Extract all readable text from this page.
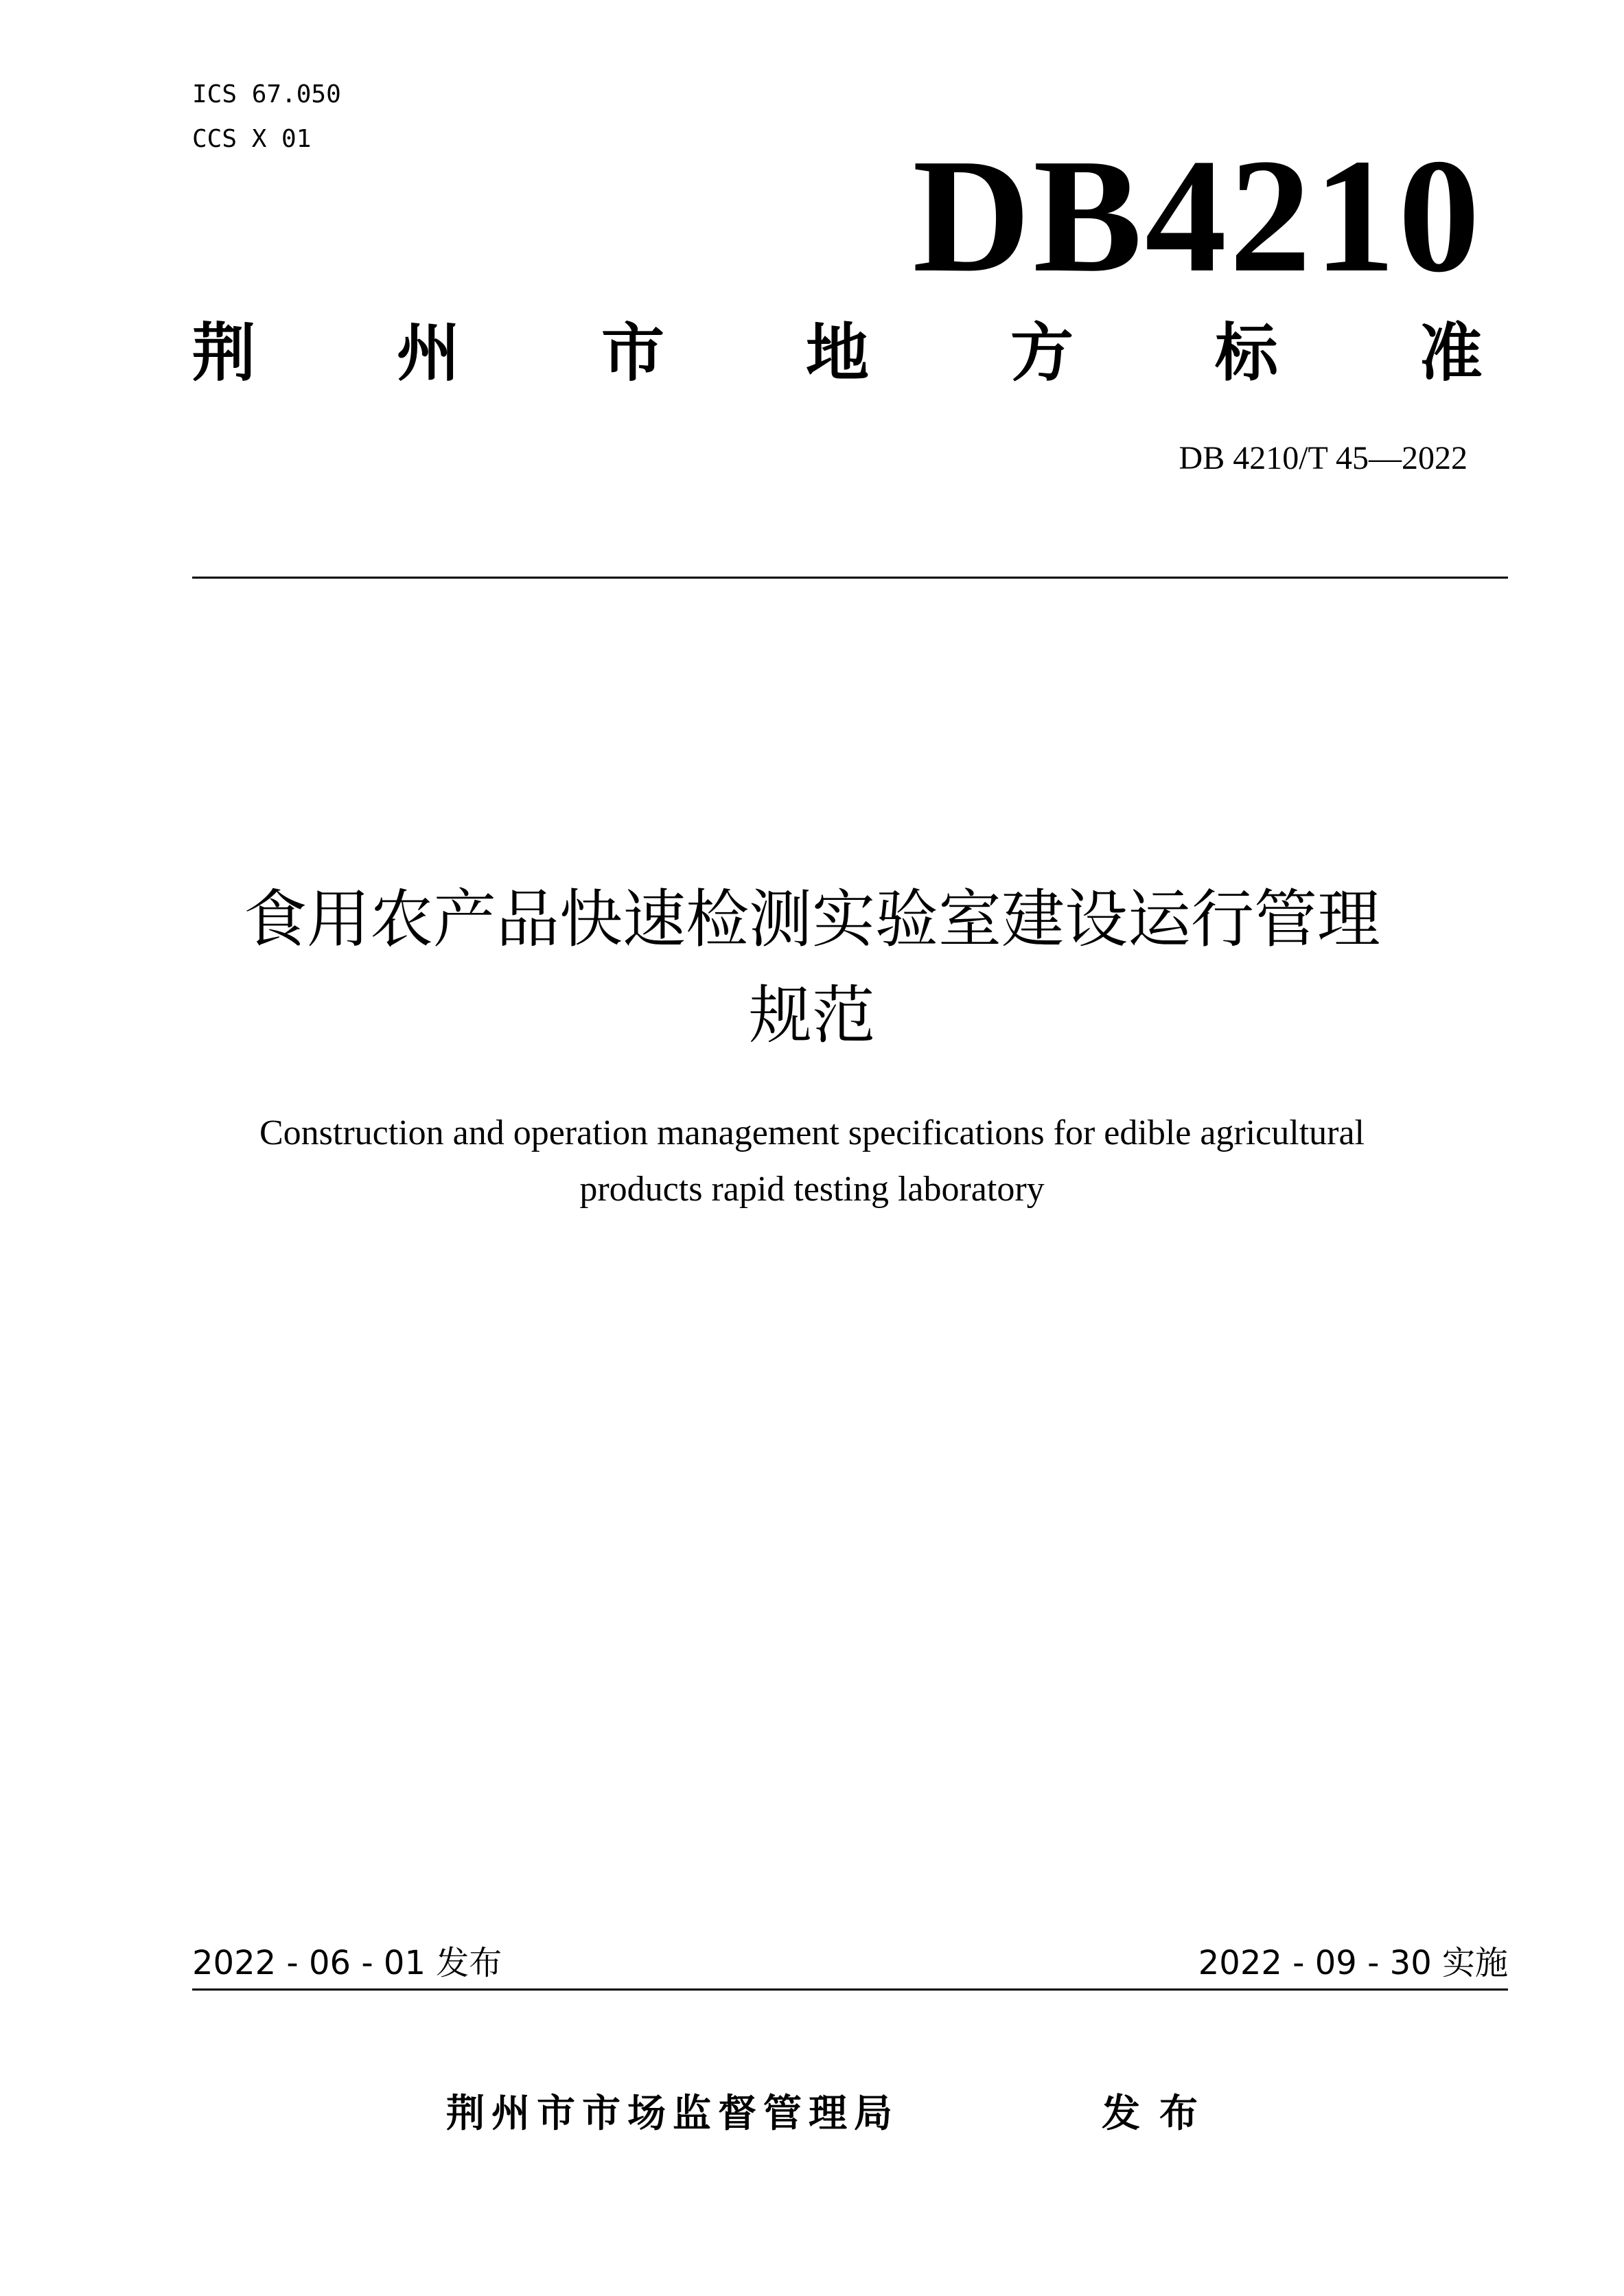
ICS 67.050
CCS X 01	DB4210
荆 州 市 地 方 标 准
DB 4210/T 45—2022
食用农产品快速检测实验室建设运行管理
规范
Construction and operation management specifications for edible agricultural
products rapid testing laboratory
2022 - 06 - 01 发布	2022 - 09 - 30 实施
荆州市市场监督管理局	发布
